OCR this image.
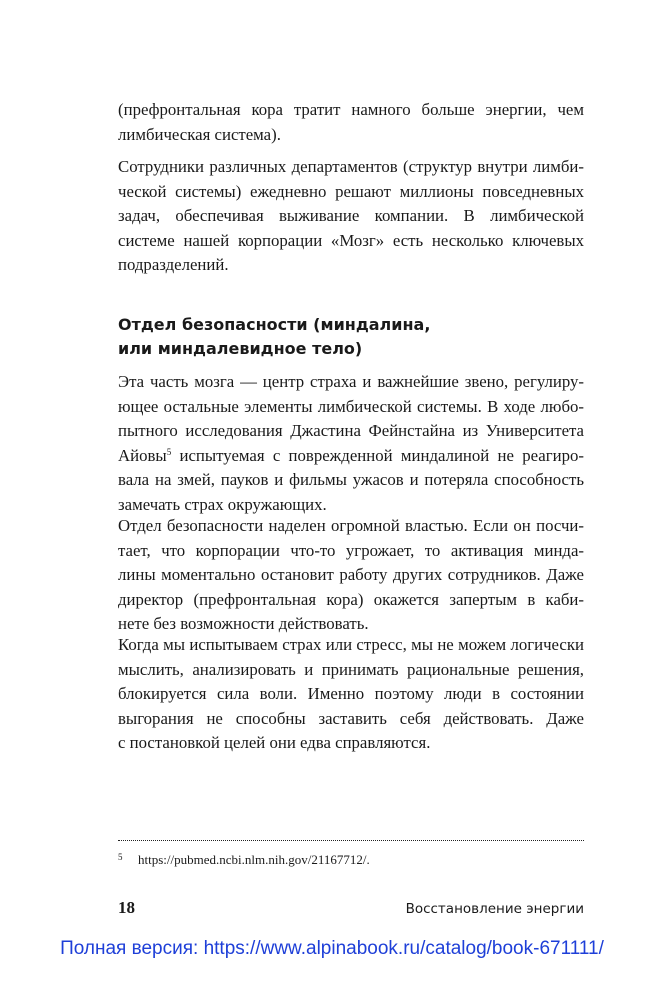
(префронтальная кора тратит намного больше энергии, чем
лимбическая система).

Сотрудники различных департаментов (структур внутри лимби-
ческой системы) ежедневно решают миллионы повседневных
задач, обеспечивая выживание компании. В лимбической
системе нашей корпорации «Мозг» есть несколько ключевых
подразделений.

Отдел безопасности (миндалина,
или миндалевидное тело)

Эта часть мозга — центр страха и важнейшие звено, регулиру-
ющее остальные элементы лимбической системы. В ходе любо-
пытного исследования Джастина Фейнстайна из Университета
Айовы$^5$ испытуемая с поврежденной миндалиной не реагиро-
вала на змей, пауков и фильмы ужасов и потеряла способность
замечать страх окружающих.

Отдел безопасности наделен огромной властью. Если он посчи-
тает, что корпорации что-то угрожает, то активация минда-
лины моментально остановит работу других сотрудников. Даже
директор (префронтальная кора) окажется запертым в каби-
нете без возможности действовать.

Когда мы испытываем страх или стресс, мы не можем логически
мыслить, анализировать и принимать рациональные решения,
блокируется сила воли. Именно поэтому люди в состоянии
выгорания не способны заставить себя действовать. Даже
с постановкой целей они едва справляются.

5 https://pubmed.ncbi.nlm.nih.gov/21167712/.
18	Восстановление энергии
Полная версия: https://www.alpinabook.ru/catalog/book-671111/
